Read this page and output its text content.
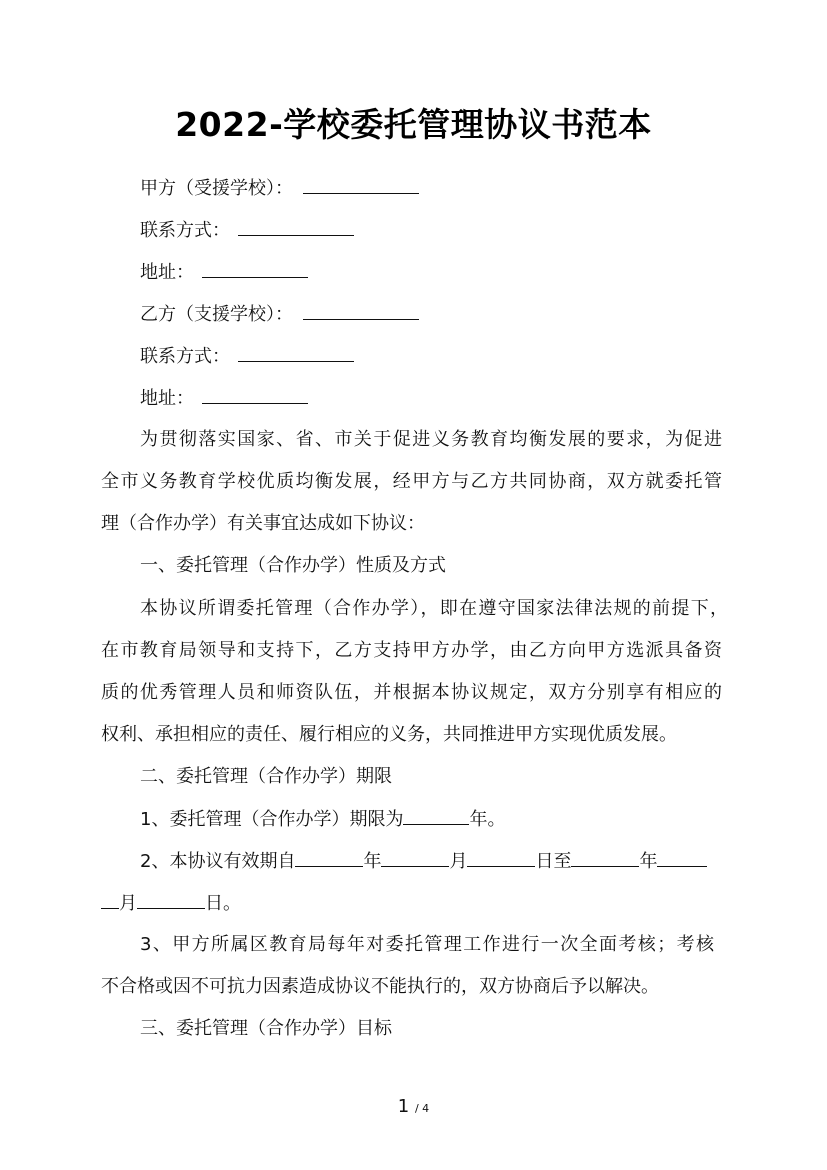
2022-学校委托管理协议书范本
甲方（受援学校）：
联系方式：
地址：
乙方（支援学校）：
联系方式：
地址：
为贯彻落实国家、省、市关于促进义务教育均衡发展的要求，为促进
全市义务教育学校优质均衡发展，经甲方与乙方共同协商，双方就委托管
理（合作办学）有关事宜达成如下协议：
一、委托管理（合作办学）性质及方式
本协议所谓委托管理（合作办学），即在遵守国家法律法规的前提下，
在市教育局领导和支持下，乙方支持甲方办学，由乙方向甲方选派具备资
质的优秀管理人员和师资队伍，并根据本协议规定，双方分别享有相应的
权利、承担相应的责任、履行相应的义务，共同推进甲方实现优质发展。
二、委托管理（合作办学）期限
1、委托管理（合作办学）期限为	年。
2、本协议有效期自	年	月	日至	年
月	日。
3、甲方所属区教育局每年对委托管理工作进行一次全面考核；考核
不合格或因不可抗力因素造成协议不能执行的，双方协商后予以解决。
三、委托管理（合作办学）目标
1 / 4
